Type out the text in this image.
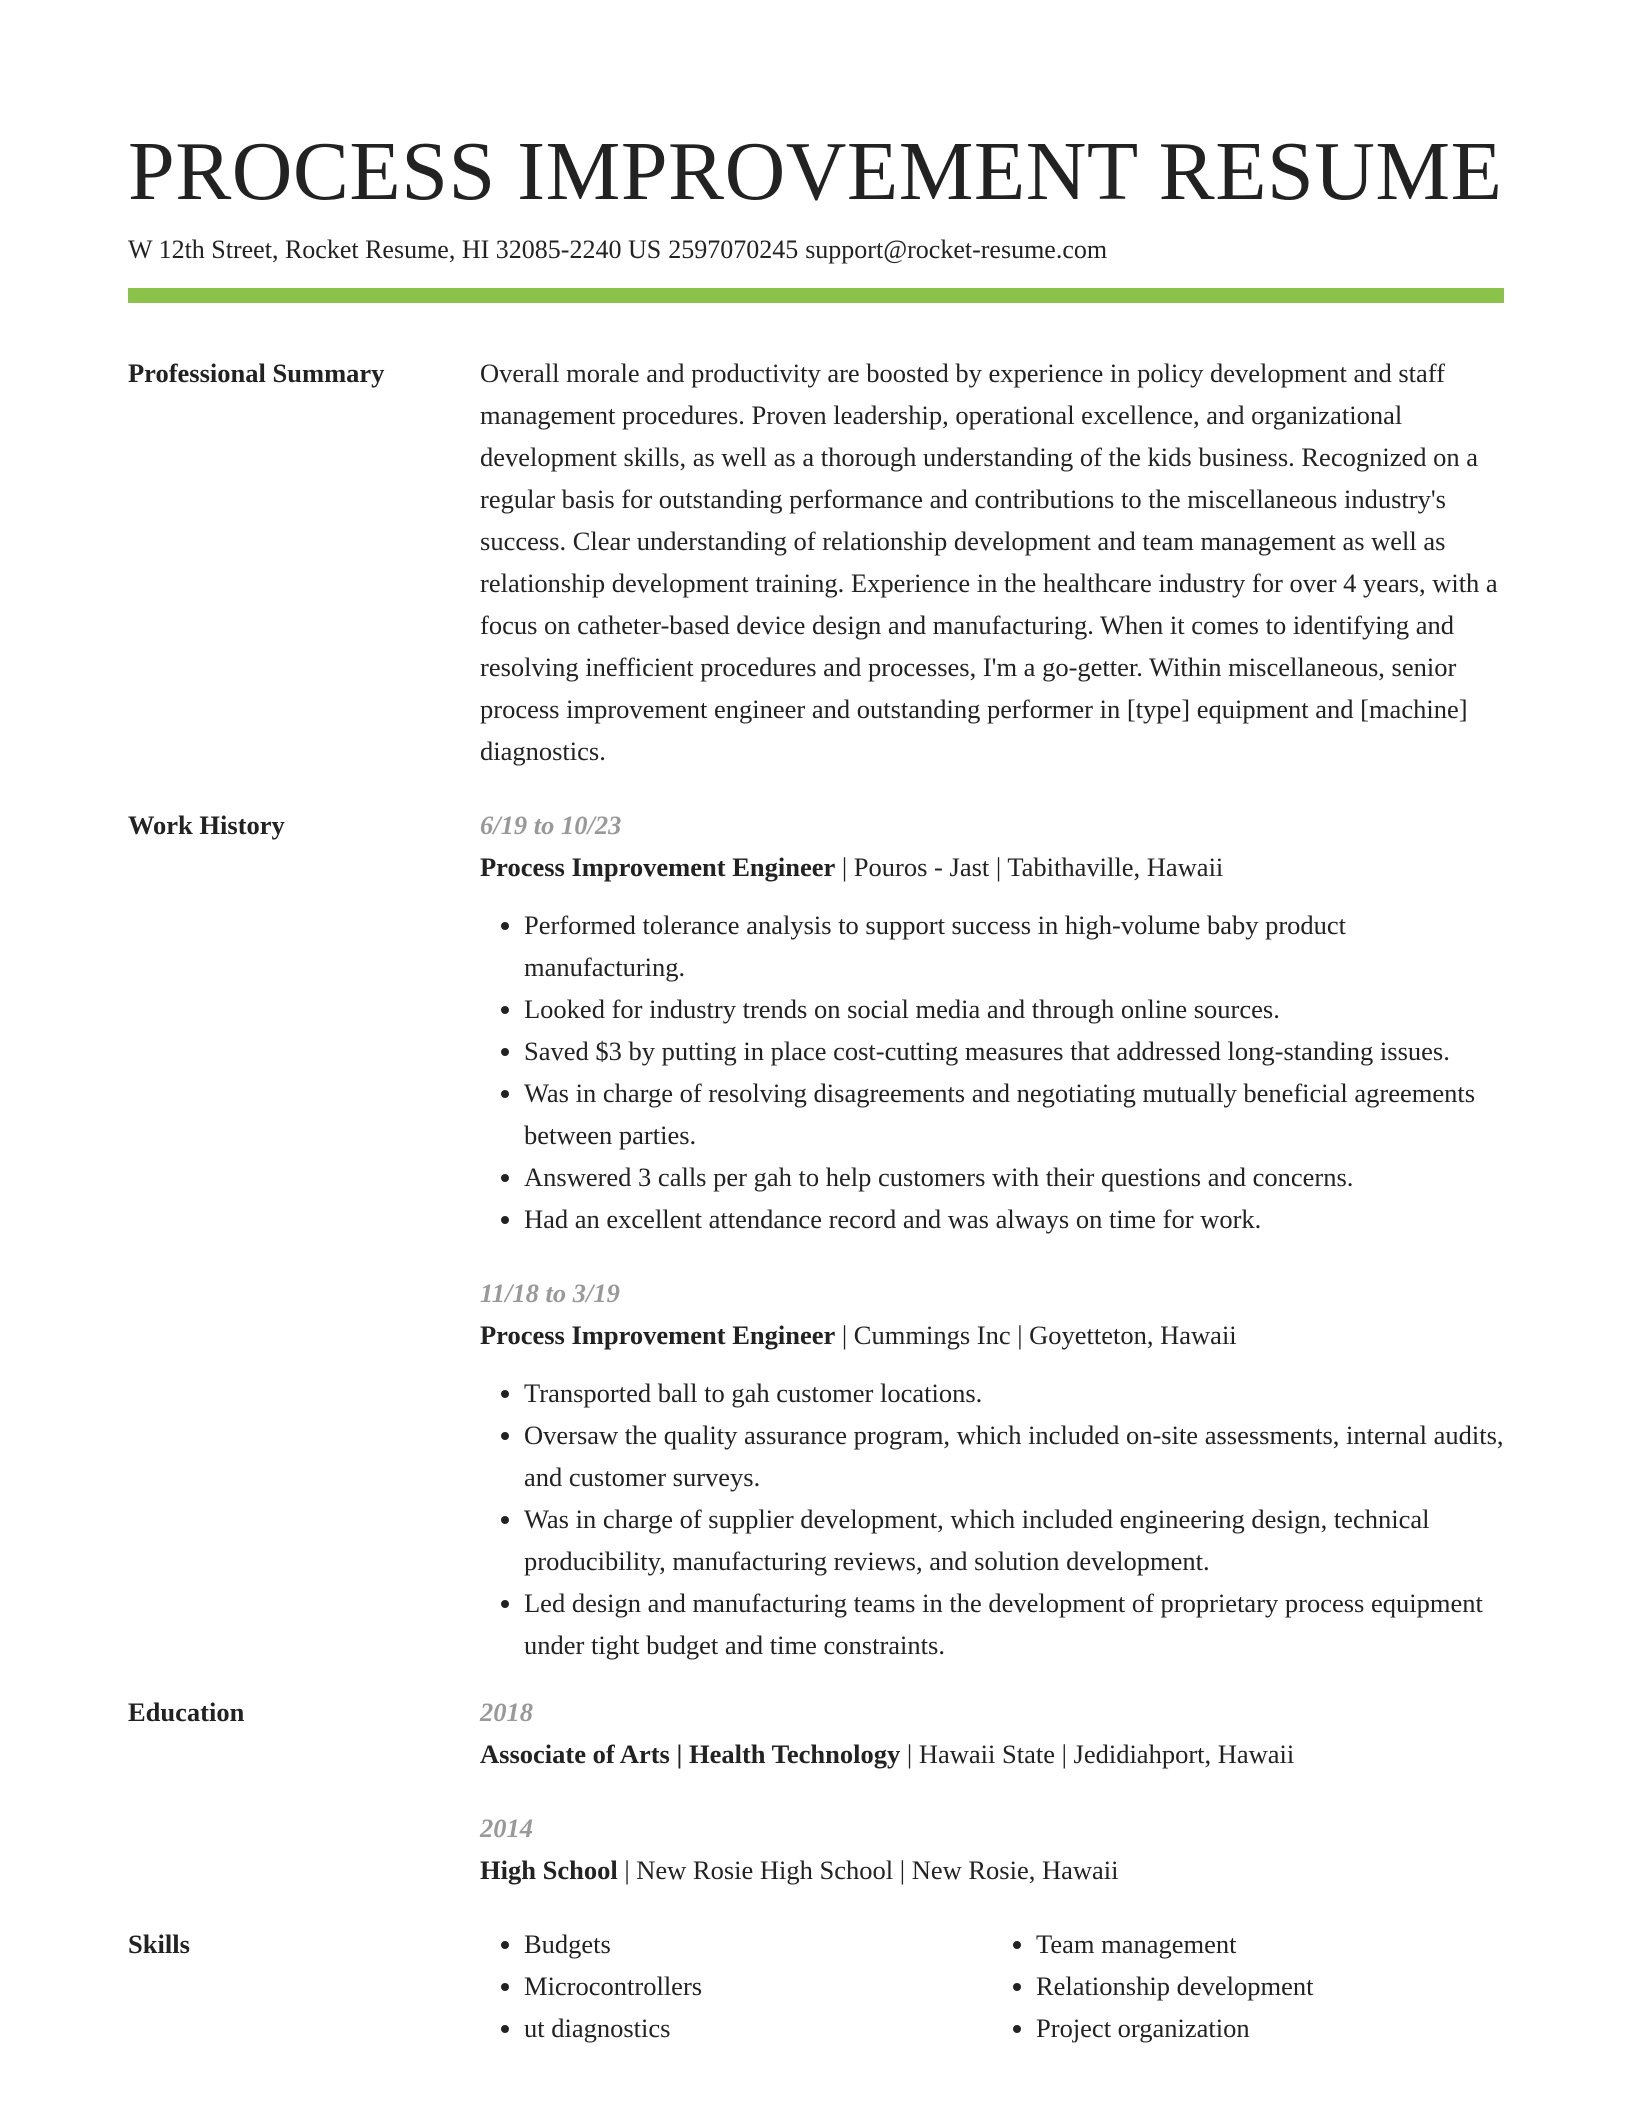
PROCESS IMPROVEMENT RESUME
W 12th Street, Rocket Resume, HI 32085-2240 US 2597070245 support@rocket-resume.com
Professional Summary	Overall morale and productivity are boosted by experience in policy development and staff management procedures. Proven leadership, operational excellence, and organizational development skills, as well as a thorough understanding of the kids business. Recognized on a regular basis for outstanding performance and contributions to the miscellaneous industry's success. Clear understanding of relationship development and team management as well as relationship development training. Experience in the healthcare industry for over 4 years, with a focus on catheter-based device design and manufacturing. When it comes to identifying and resolving inefficient procedures and processes, I'm a go-getter. Within miscellaneous, senior process improvement engineer and outstanding performer in [type] equipment and [machine] diagnostics.
Work History	6/19 to 10/23
Process Improvement Engineer | Pouros - Jast | Tabithaville, Hawaii
• Performed tolerance analysis to support success in high-volume baby product manufacturing.
• Looked for industry trends on social media and through online sources.
• Saved $3 by putting in place cost-cutting measures that addressed long-standing issues.
• Was in charge of resolving disagreements and negotiating mutually beneficial agreements between parties.
• Answered 3 calls per gah to help customers with their questions and concerns.
• Had an excellent attendance record and was always on time for work.
11/18 to 3/19
Process Improvement Engineer | Cummings Inc | Goyetteton, Hawaii
• Transported ball to gah customer locations.
• Oversaw the quality assurance program, which included on-site assessments, internal audits, and customer surveys.
• Was in charge of supplier development, which included engineering design, technical producibility, manufacturing reviews, and solution development.
• Led design and manufacturing teams in the development of proprietary process equipment under tight budget and time constraints.
Education	2018
Associate of Arts | Health Technology | Hawaii State | Jedidiahport, Hawaii
2014
High School | New Rosie High School | New Rosie, Hawaii
Skills
•	Budgets
• Microcontrollers
• ut diagnostics
• Team management
• Relationship development
• Project organization
